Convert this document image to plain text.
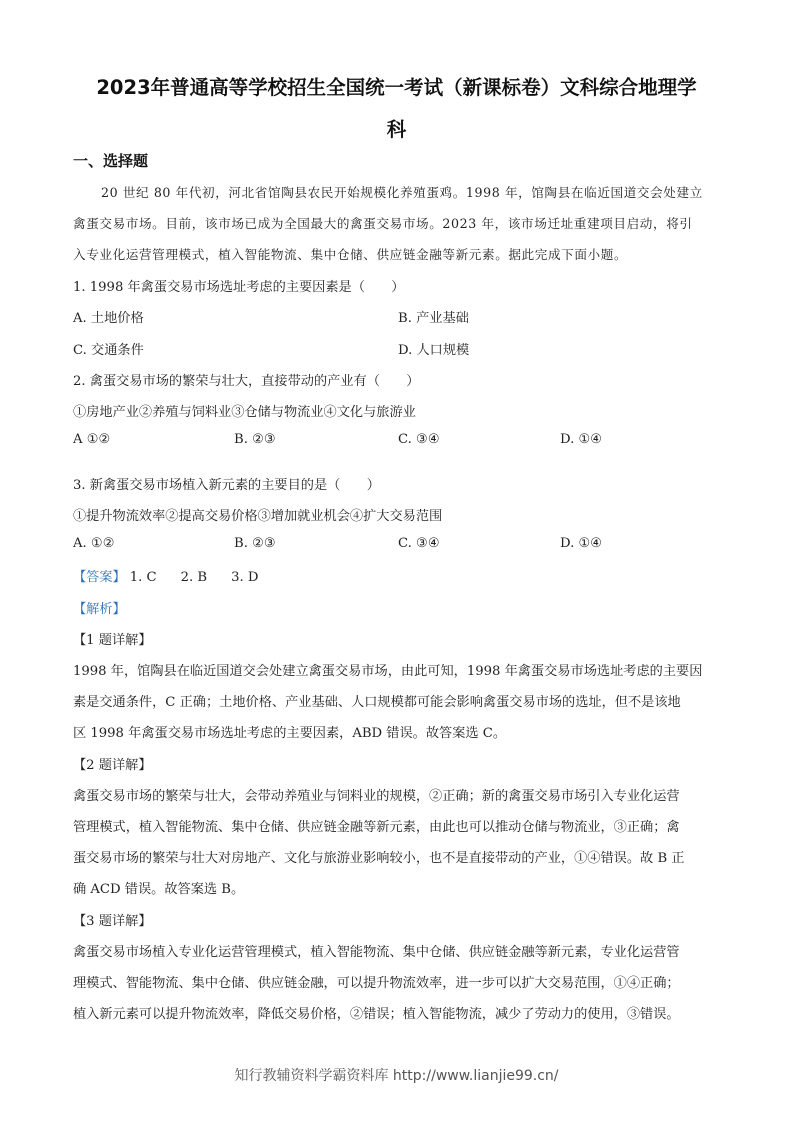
2023年普通高等学校招生全国统一考试（新课标卷）文科综合地理学
科
一、选择题
20 世纪 80 年代初，河北省馆陶县农民开始规模化养殖蛋鸡。1998 年，馆陶县在临近国道交会处建立
禽蛋交易市场。目前，该市场已成为全国最大的禽蛋交易市场。2023 年，该市场迁址重建项目启动，将引
入专业化运营管理模式，植入智能物流、集中仓储、供应链金融等新元素。据此完成下面小题。
1. 1998 年禽蛋交易市场选址考虑的主要因素是（　　）
A. 土地价格	B. 产业基础
C. 交通条件	D. 人口规模
2. 禽蛋交易市场的繁荣与壮大，直接带动的产业有（　　）
①房地产业②养殖与饲料业③仓储与物流业④文化与旅游业
A ①②	B. ②③	C. ③④	D. ①④
3. 新禽蛋交易市场植入新元素的主要目的是（　　）
①提升物流效率②提高交易价格③增加就业机会④扩大交易范围
A. ①②	B. ②③	C. ③④	D. ①④
【答案】 1. C 2. B 3. D
【解析】
【1 题详解】
1998 年，馆陶县在临近国道交会处建立禽蛋交易市场，由此可知，1998 年禽蛋交易市场选址考虑的主要因
素是交通条件，C 正确；土地价格、产业基础、人口规模都可能会影响禽蛋交易市场的选址，但不是该地
区 1998 年禽蛋交易市场选址考虑的主要因素，ABD 错误。故答案选 C。
【2 题详解】
禽蛋交易市场的繁荣与壮大，会带动养殖业与饲料业的规模，②正确；新的禽蛋交易市场引入专业化运营
管理模式，植入智能物流、集中仓储、供应链金融等新元素，由此也可以推动仓储与物流业，③正确；禽
蛋交易市场的繁荣与壮大对房地产、文化与旅游业影响较小，也不是直接带动的产业，①④错误。故 B 正
确 ACD 错误。故答案选 B。
【3 题详解】
禽蛋交易市场植入专业化运营管理模式，植入智能物流、集中仓储、供应链金融等新元素，专业化运营管
理模式、智能物流、集中仓储、供应链金融，可以提升物流效率，进一步可以扩大交易范围，①④正确；
植入新元素可以提升物流效率，降低交易价格，②错误；植入智能物流，减少了劳动力的使用，③错误。
知行教辅资料学霸资料库 http://www.lianjie99.cn/
